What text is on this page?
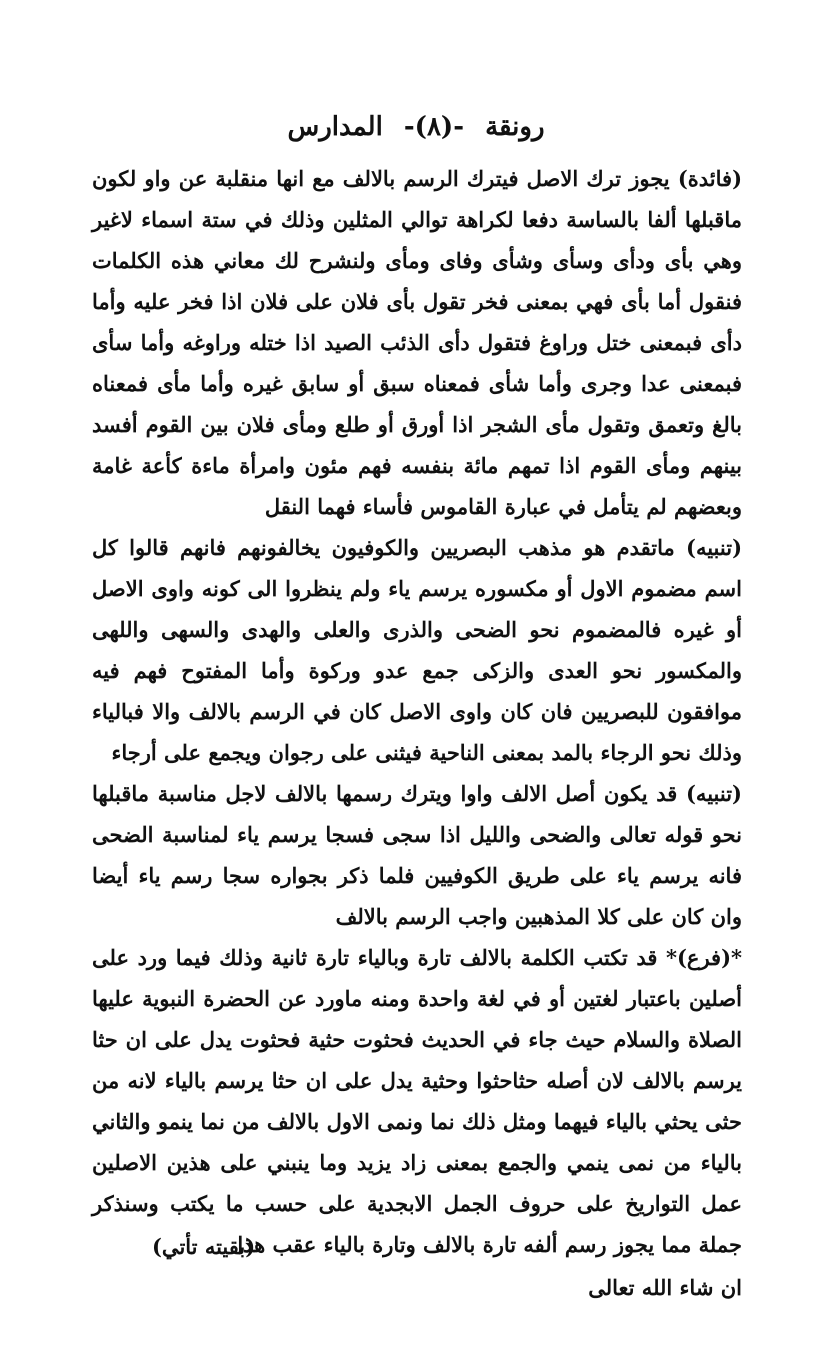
رونقة -(٨)- المدارس

(فائدة) يجوز ترك الاصل فيترك الرسم بالالف مع انها منقلبة عن واو لكون ماقبلها ألفا بالساسة دفعا لكراهة توالي المثلين وذلك في ستة اسماء لاغير وهي بأى ودأى وسأى وشأى وفاى ومأى ولنشرح لك معاني هذه الكلمات فنقول أما بأى فهي بمعنى فخر تقول بأى فلان على فلان اذا فخر عليه وأما دأى فبمعنى ختل وراوغ فتقول دأى الذئب الصيد اذا ختله وراوغه وأما سأى فبمعنى عدا وجرى وأما شأى فمعناه سبق أو سابق غيره وأما مأى فمعناه بالغ وتعمق وتقول مأى الشجر اذا أورق أو طلع ومأى فلان بين القوم أفسد بينهم ومأى القوم اذا تمهم مائة بنفسه فهم مئون وامرأة ماءة كأعة غامة وبعضهم لم يتأمل في عبارة القاموس فأساء فهما النقل

(تنبيه) ماتقدم هو مذهب البصريين والكوفيون يخالفونهم فانهم قالوا كل اسم مضموم الاول أو مكسوره يرسم ياء ولم ينظروا الى كونه واوى الاصل أو غيره فالمضموم نحو الضحى والذرى والعلى والهدى والسهى واللهى والمكسور نحو العدى والزكى جمع عدو وركوة وأما المفتوح فهم فيه موافقون للبصريين فان كان واوى الاصل كان في الرسم بالالف والا فبالياء وذلك نحو الرجاء بالمد بمعنى الناحية فيثنى على رجوان ويجمع على أرجاء

(تنبيه) قد يكون أصل الالف واوا ويترك رسمها بالالف لاجل مناسبة ماقبلها نحو قوله تعالى والضحى والليل اذا سجى فسجا يرسم ياء لمناسبة الضحى فانه يرسم ياء على طريق الكوفيين فلما ذكر بجواره سجا رسم ياء أيضا وان كان على كلا المذهبين واجب الرسم بالالف

*(فرع)* قد تكتب الكلمة بالالف تارة وبالياء تارة ثانية وذلك فيما ورد على أصلين باعتبار لغتين أو في لغة واحدة ومنه ماورد عن الحضرة النبوية عليها الصلاة والسلام حيث جاء في الحديث فحثوت حثية فحثوت يدل على ان حثا يرسم بالالف لان أصله حثاحثوا وحثية يدل على ان حثا يرسم بالياء لانه من حثى يحثي بالياء فيهما ومثل ذلك نما ونمى الاول بالالف من نما ينمو والثاني بالياء من نمى ينمي والجمع بمعنى زاد يزيد وما ينبني على هذين الاصلين عمل التواريخ على حروف الجمل الابجدية على حسب ما يكتب وسنذكر جملة مما يجوز رسم ألفه تارة بالالف وتارة بالياء عقب هذا

ان شاء الله تعالى
(بقيته تأتي)
